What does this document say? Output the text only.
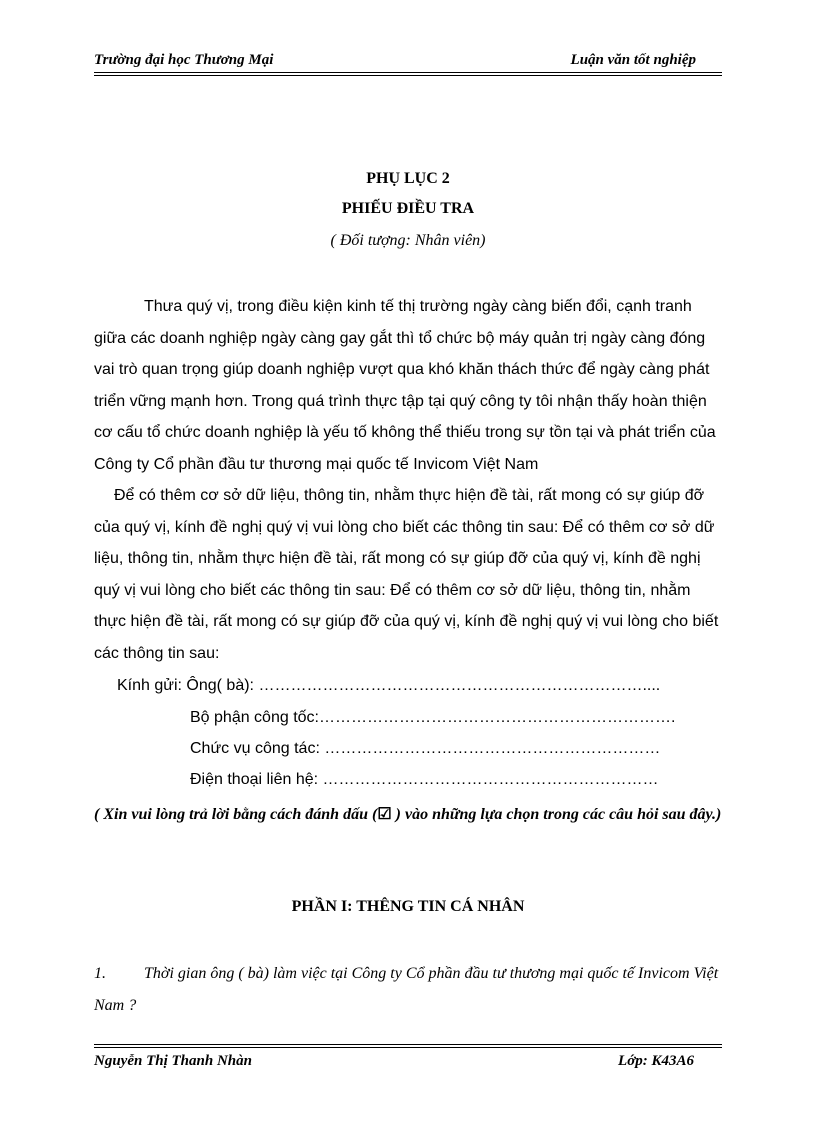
Trường đại học Thương Mại	Luận văn tốt nghiệp
PHỤ LỤC 2
PHIẾU ĐIỀU TRA
( Đối tượng: Nhân viên)

Thưa quý vị, trong điều kiện kinh tế thị trường ngày càng biến đổi, cạnh tranh giữa các doanh nghiệp ngày càng gay gắt thì tổ chức bộ máy quản trị ngày càng đóng vai trò quan trọng giúp doanh nghiệp vượt qua khó khăn thách thức để ngày càng phát triển vững mạnh hơn. Trong quá trình thực tập tại quý công ty tôi nhận thấy hoàn thiện cơ cấu tổ chức doanh nghiệp là yếu tố không thể thiếu trong sự tồn tại và phát triển của Công ty Cổ phần đầu tư thương mại quốc tế Invicom Việt Nam

Để có thêm cơ sở dữ liệu, thông tin, nhằm thực hiện đề tài, rất mong có sự giúp đỡ của quý vị, kính đề nghị quý vị vui lòng cho biết các thông tin sau: Để có thêm cơ sở dữ liệu, thông tin, nhằm thực hiện đề tài, rất mong có sự giúp đỡ của quý vị, kính đề nghị quý vị vui lòng cho biết các thông tin sau: Để có thêm cơ sở dữ liệu, thông tin, nhằm thực hiện đề tài, rất mong có sự giúp đỡ của quý vị, kính đề nghị quý vị vui lòng cho biết các thông tin sau:

Kính gửi: Ông( bà): ………………………………………………………………....
Bộ phận công tốc:………………………………………………………….
Chức vụ công tác: ………………………………………………………
Điện thoại liên hệ: ………………………………………………………
( Xin vui lòng trả lời bằng cách đánh dấu (☑ ) vào những lựa chọn trong các câu hỏi sau đây.)
PHẦN I: THÊNG TIN CÁ NHÂN
1. Thời gian ông ( bà) làm việc tại Công ty Cổ phần đầu tư thương mại quốc tế Invicom Việt Nam ?
Nguyễn Thị Thanh Nhàn	Lớp: K43A6
